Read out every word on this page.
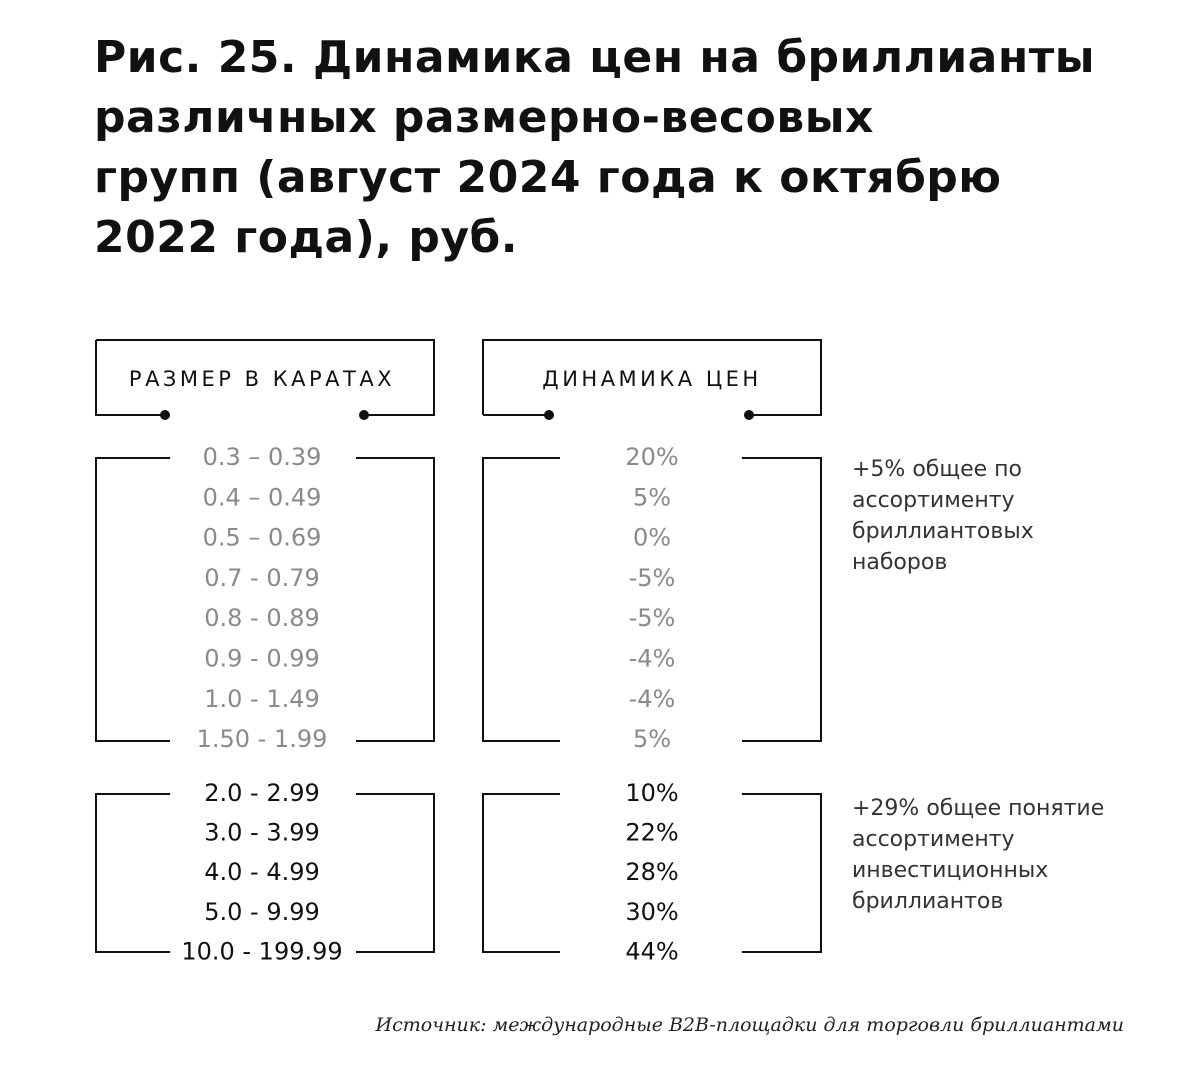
Рис. 25. Динамика цен на бриллианты
различных размерно-весовых
групп (август 2024 года к октябрю
2022 года), руб.
РАЗМЕР В КАРАТАХ	ДИНАМИКА ЦЕН
0.3 – 0.39	20%
0.4 – 0.49	5%
0.5 – 0.69	0%
0.7 - 0.79	-5%
0.8 - 0.89	-5%
0.9 - 0.99	-4%
1.0 - 1.49	-4%
1.50 - 1.99	5%
+5% общее по ассортименту бриллиантовых наборов
2.0 - 2.99	10%
3.0 - 3.99	22%
4.0 - 4.99	28%
5.0 - 9.99	30%
10.0 - 199.99	44%
+29% общее понятие ассортименту инвестиционных бриллиантов
Источник: международные B2B-площадки для торговли бриллиантами
